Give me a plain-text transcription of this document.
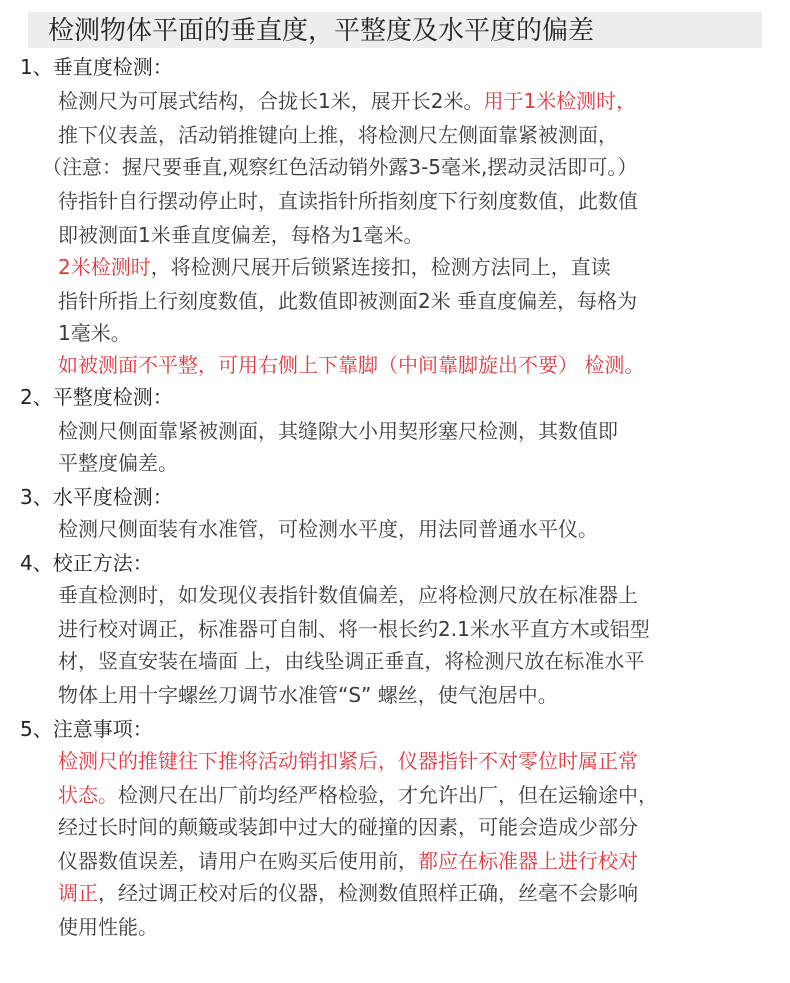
检测物体平面的垂直度，平整度及水平度的偏差
1、垂直度检测：
检测尺为可展式结构，合拢长1米，展开长2米。用于1米检测时，
推下仪表盖，活动销推键向上推，将检测尺左侧面靠紧被测面，
（注意：握尺要垂直,观察红色活动销外露3-5毫米,摆动灵活即可。）
待指针自行摆动停止时，直读指针所指刻度下行刻度数值，此数值
即被测面1米垂直度偏差，每格为1毫米。
2米检测时，将检测尺展开后锁紧连接扣，检测方法同上，直读
指针所指上行刻度数值，此数值即被测面2米 垂直度偏差，每格为
1毫米。
如被测面不平整，可用右侧上下靠脚（中间靠脚旋出不要） 检测。
2、平整度检测：
检测尺侧面靠紧被测面，其缝隙大小用契形塞尺检测，其数值即
平整度偏差。
3、水平度检测：
检测尺侧面装有水准管，可检测水平度，用法同普通水平仪。
4、校正方法：
垂直检测时，如发现仪表指针数值偏差，应将检测尺放在标准器上
进行校对调正，标准器可自制、将一根长约2.1米水平直方木或铝型
材，竖直安装在墙面 上，由线坠调正垂直，将检测尺放在标准水平
物体上用十字螺丝刀调节水准管“S” 螺丝，使气泡居中。
5、注意事项：
检测尺的推键往下推将活动销扣紧后，仪器指针不对零位时属正常
状态。检测尺在出厂前均经严格检验，才允许出厂，但在运输途中，
经过长时间的颠簸或装卸中过大的碰撞的因素，可能会造成少部分
仪器数值误差，请用户在购买后使用前，都应在标准器上进行校对
调正，经过调正校对后的仪器，检测数值照样正确，丝毫不会影响
使用性能。
